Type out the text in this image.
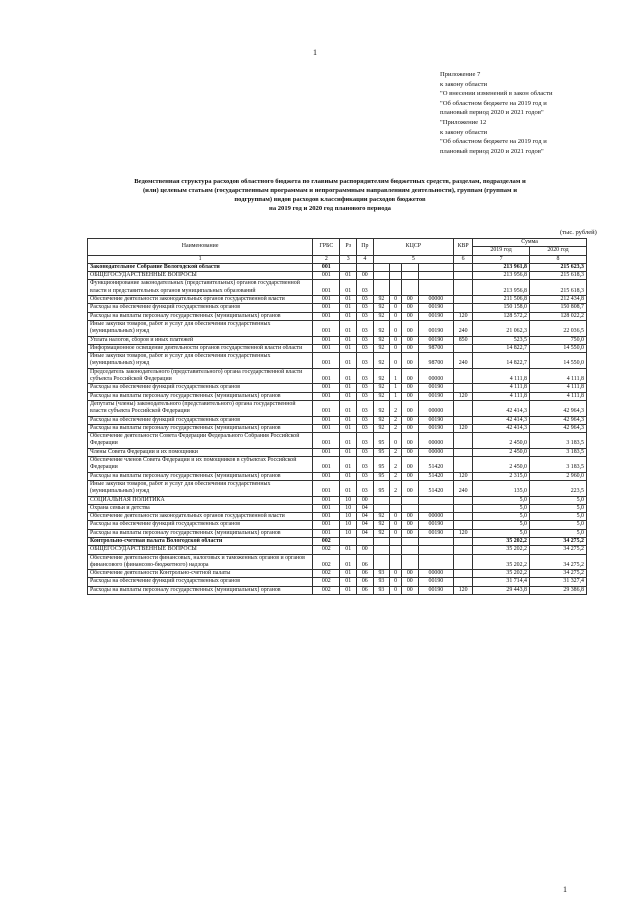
1
Приложение 7
к закону области
"О внесении изменений в закон области
"Об областном бюджете на 2019 год и
плановый период 2020 и 2021 годов"
"Приложение 12
к закону области
"Об областном бюджете на 2019 год и
плановый период 2020 и 2021 годов"
Ведомственная структура расходов областного бюджета по главным распорядителям бюджетных средств, разделам, подразделам и
(или) целевым статьям (государственным программам и непрограммным направлениям деятельности), группам (группам и
подгруппам) видов расходов классификации расходов бюджетов
на 2019 год и 2020 год планового периода
(тыс. рублей)
Наименование	ГРБС	Рз	Пр	КЦСР				КВР	Сумма	
									2019 год	2020 год
1	2	3	4	5				6	7	8
Законодательное Собрание Вологодской области	001								213 961,8	215 623,3
ОБЩЕГОСУДАРСТВЕННЫЕ ВОПРОСЫ	001	01	00						213 956,8	215 618,3
Функционирование законодательных (представительных) органов государственной власти и представительных органов муниципальных образований	001	01	03						213 956,8	215 618,3
Обеспечение деятельности законодательных органов государственной власти	001	01	03	92	0	00	00000		211 506,8	212 434,8
Расходы на обеспечение функций государственных органов	001	01	03	92	0	00	00190		150 158,0	150 808,7
Расходы на выплаты персоналу государственных (муниципальных) органов	001	01	03	92	0	00	00190	120	128 572,2	128 022,2
Иные закупки товаров, работ и услуг для обеспечения государственных (муниципальных) нужд	001	01	03	92	0	00	00190	240	21 062,3	22 036,5
Уплата налогов, сборов и иных платежей	001	01	03	92	0	00	00190	850	523,5	750,0
Информационное освещение деятельности органов государственной власти области	001	01	03	92	0	00	98700		14 822,7	14 550,0
Иные закупки товаров, работ и услуг для обеспечения государственных (муниципальных) нужд	001	01	03	92	0	00	98700	240	14 822,7	14 550,0
Председатель законодательного (представительного) органа государственной власти субъекта Российской Федерации	001	01	03	92	1	00	00000		4 111,8	4 111,8
Расходы на обеспечение функций государственных органов	001	01	03	92	1	00	00190		4 111,8	4 111,8
Расходы на выплаты персоналу государственных (муниципальных) органов	001	01	03	92	1	00	00190	120	4 111,8	4 111,8
Депутаты (члены) законодательного (представительного) органа государственной власти субъекта Российской Федерации	001	01	03	92	2	00	00000		42 414,3	42 964,3
Расходы на обеспечение функций государственных органов	001	01	03	92	2	00	00190		42 414,3	42 964,3
Расходы на выплаты персоналу государственных (муниципальных) органов	001	01	03	92	2	00	00190	120	42 414,3	42 964,3
Обеспечение деятельности Совета Федерации Федерального Собрания Российской Федерации	001	01	03	95	0	00	00000		2 450,0	3 183,5
Члены Совета Федерации и их помощники	001	01	03	95	2	00	00000		2 450,0	3 183,5
Обеспечение членов Совета Федерации и их помощников в субъектах Российской Федерации	001	01	03	95	2	00	51420		2 450,0	3 183,5
Расходы на выплаты персоналу государственных (муниципальных) органов	001	01	03	95	2	00	51420	120	2 315,0	2 960,0
Иные закупки товаров, работ и услуг для обеспечения государственных (муниципальных) нужд	001	01	03	95	2	00	51420	240	135,0	223,5
СОЦИАЛЬНАЯ ПОЛИТИКА	001	10	00						5,0	5,0
Охрана семьи и детства	001	10	04						5,0	5,0
Обеспечение деятельности законодательных органов государственной власти	001	10	04	92	0	00	00000		5,0	5,0
Расходы на обеспечение функций государственных органов	001	10	04	92	0	00	00190		5,0	5,0
Расходы на выплаты персоналу государственных (муниципальных) органов	001	10	04	92	0	00	00190	120	5,0	5,0
Контрольно-счетная палата Вологодской области	002								35 202,2	34 275,2
ОБЩЕГОСУДАРСТВЕННЫЕ ВОПРОСЫ	002	01	00						35 202,2	34 275,2
Обеспечение деятельности финансовых, налоговых и таможенных органов и органов финансового (финансово-бюджетного) надзора	002	01	06						35 202,2	34 275,2
Обеспечение деятельности Контрольно-счетной палаты	002	01	06	93	0	00	00000		35 202,2	34 275,2
Расходы на обеспечение функций государственных органов	002	01	06	93	0	00	00190		31 714,4	31 327,4
Расходы на выплаты персоналу государственных (муниципальных) органов	002	01	06	93	0	00	00190	120	29 443,8	29 386,8
1
